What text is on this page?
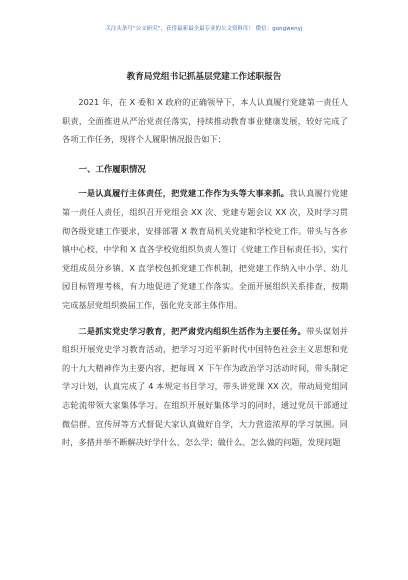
关注头条号“公文研究”，获得最新最全最专业的公文资料库！ 微信：gongwenyj
教育局党组书记抓基层党建工作述职报告

2021 年，在 X 委和 X 政府的正确领导下，本人认真履行党建第一责任人职责，全面推进从严治党责任落实，持续推动教育事业健康发展，较好完成了各项工作任务，现将个人履职情况报告如下：

一、工作履职情况

一是认真履行主体责任，把党建工作作为头等大事来抓。我认真履行党建第一责任人责任，组织召开党组会 XX 次、党建专题会议 XX 次，及时学习贯彻各级党建工作要求，安排部署 X 教育局机关党建和学校党工作。带头与各乡镇中心校、中学和 X 直各学校党组织负责人签订《党建工作目标责任书》，实行党组成员分乡镇、X 直学校包抓党建工作机制，把党建工作纳入中小学、幼儿园目标管理考核，有力地促进了党建工作落实。全面开展组织关系排查，按期完成基层党组织换届工作，强化党支部主体作用。

二是抓实党史学习教育，把严肃党内组织生活作为主要任务。带头谋划并组织开展党史学习教育活动，把学习习近平新时代中国特色社会主义思想和党的十九大精神作为主要内容，把每周 X 下午作为政治学习活动时间，带头制定学习计划，认真完成了 4 本规定书目学习，带头讲党课 XX 次，带动局党组同志轮流带领大家集体学习。在组织开展好集体学习的同时，通过党员干部通过微信群、宣传屏等方式督促大家认真做好自学，大力营造浓厚的学习氛围。同时，多措并举不断解决好学什么、怎么学；做什么、怎么做的问题，发现问题
